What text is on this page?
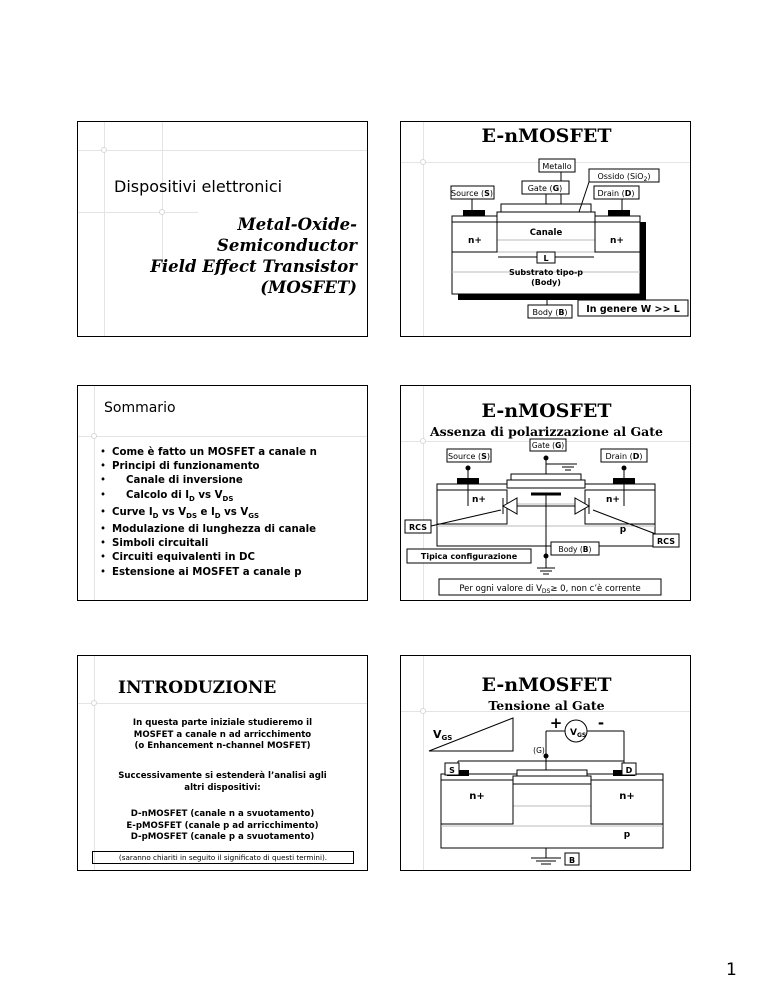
Dispositivi elettronici
Metal-Oxide-
Semiconductor
Field Effect Transistor
(MOSFET)
E-nMOSFET
Metallo
Ossido (SiO$_2$)
Gate (G)
Source (S)	Drain (D)
Canale
n+	n+
L
Substrato tipo-p
(Body)
Body (B) In genere W >> L
Sommario
• Come è fatto un MOSFET a canale n
• Principi di funzionamento
•	Canale di inversione
•	Calcolo di $I_D$ vs $V_{DS}$
• Curve $I_D$ vs $V_{DS}$ e $I_D$ vs $V_{GS}$
• Modulazione di lunghezza di canale
• Simboli circuitali
• Circuiti equivalenti in DC
• Estensione ai MOSFET a canale p
E-nMOSFET
Assenza di polarizzazione al Gate
Gate (G)
Source (S)	Drain (D)
n+	n+
p
RCS
RCS
Body (B)
Tipica configurazione
Per ogni valore di $V_{DS}\ge 0$, non c’è corrente
INTRODUZIONE
In questa parte iniziale studieremo il
MOSFET a canale n ad arricchimento
(o Enhancement n-channel MOSFET)
Successivamente si estenderà l’analisi agli
altri dispositivi:
D-nMOSFET (canale n a svuotamento)
E-pMOSFET (canale p ad arricchimento)
D-pMOSFET (canale p a svuotamento)
(saranno chiariti in seguito il significato di questi termini).
E-nMOSFET
Tensione al Gate
VGS
+ -
$V_{GS}$
(G)
S	D
n+	n+
p
B
1
